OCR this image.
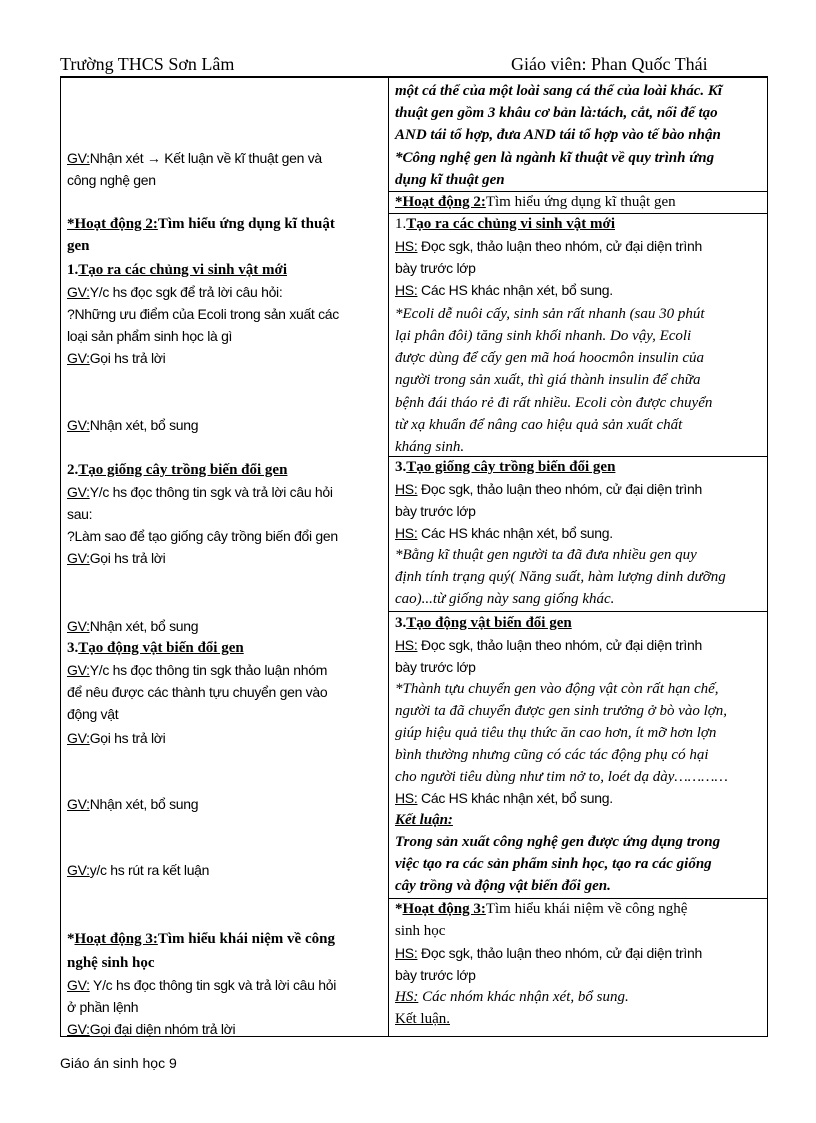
Trường THCS Sơn Lâm	Giáo viên: Phan Quốc Thái
GV:Nhận xét → Kết luận về kĩ thuật gen và
công nghệ gen
*Hoạt động 2:Tìm hiểu ứng dụng kĩ thuật
gen
1.Tạo ra các chủng vi sinh vật mới
GV:Y/c hs đọc sgk để trả lời câu hỏi:
?Những ưu điểm của Ecoli trong sản xuất các
loại sản phẩm sinh học là gì
GV:Gọi hs trả lời
GV:Nhận xét, bổ sung
2.Tạo giống cây trồng biến đổi gen
GV:Y/c hs đọc thông tin sgk và trả lời câu hỏi
sau:
?Làm sao để tạo giống cây trồng biến đổi gen
GV:Gọi hs trả lời
GV:Nhận xét, bổ sung
3.Tạo động vật biến đổi gen
GV:Y/c hs đọc thông tin sgk thảo luận nhóm
để nêu được các thành tựu chuyển gen vào
động vật
GV:Gọi hs trả lời
GV:Nhận xét, bổ sung
GV:y/c hs rút ra kết luận
*Hoạt động 3:Tìm hiểu khái niệm về công
nghệ sinh học
GV: Y/c hs đọc thông tin sgk và trả lời câu hỏi
ở phần lệnh
GV:Gọi đại diện nhóm trả lời
một cá thể của một loài sang cá thể của loài khác. Kĩ
thuật gen gồm 3 khâu cơ bản là:tách, cắt, nối để tạo
AND tái tổ hợp, đưa AND tái tổ hợp vào tế bào nhận
*Công nghệ gen là ngành kĩ thuật về quy trình ứng
dụng kĩ thuật gen
*Hoạt động 2:Tìm hiểu ứng dụng kĩ thuật gen
1.Tạo ra các chủng vi sinh vật mới
HS: Đọc sgk, thảo luận theo nhóm, cử đại diện trình
bày trước lớp
HS: Các HS khác nhận xét, bổ sung.
*Ecoli dễ nuôi cấy, sinh sản rất nhanh (sau 30 phút
lại phân đôi) tăng sinh khối nhanh. Do vậy, Ecoli
được dùng để cấy gen mã hoá hoocmôn insulin của
người trong sản xuất, thì giá thành insulin để chữa
bệnh đái tháo rẻ đi rất nhiều. Ecoli còn được chuyển
từ xạ khuẩn để nâng cao hiệu quả sản xuất chất
kháng sinh.
3.Tạo giống cây trồng biến đổi gen
HS: Đọc sgk, thảo luận theo nhóm, cử đại diện trình
bày trước lớp
HS: Các HS khác nhận xét, bổ sung.
*Bằng kĩ thuật gen người ta đã đưa nhiều gen quy
định tính trạng quý( Năng suất, hàm lượng dinh dưỡng
cao)...từ giống này sang giống khác.
3.Tạo động vật biến đổi gen
HS: Đọc sgk, thảo luận theo nhóm, cử đại diện trình
bày trước lớp
*Thành tựu chuyển gen vào động vật còn rất hạn chế,
người ta đã chuyển được gen sinh trưởng ở bò vào lợn,
giúp hiệu quả tiêu thụ thức ăn cao hơn, ít mỡ hơn lợn
bình thường nhưng cũng có các tác động phụ có hại
cho người tiêu dùng như tim nở to, loét dạ dày…………
HS: Các HS khác nhận xét, bổ sung.
Kết luận:
Trong sản xuất công nghệ gen được ứng dụng trong
việc tạo ra các sản phẩm sinh học, tạo ra các giống
cây trồng và động vật biến đổi gen.
*Hoạt động 3:Tìm hiểu khái niệm về công nghệ
sinh học
HS: Đọc sgk, thảo luận theo nhóm, cử đại diện trình
bày trước lớp
HS: Các nhóm khác nhận xét, bổ sung.
Kết luận.
Giáo án sinh học 9
